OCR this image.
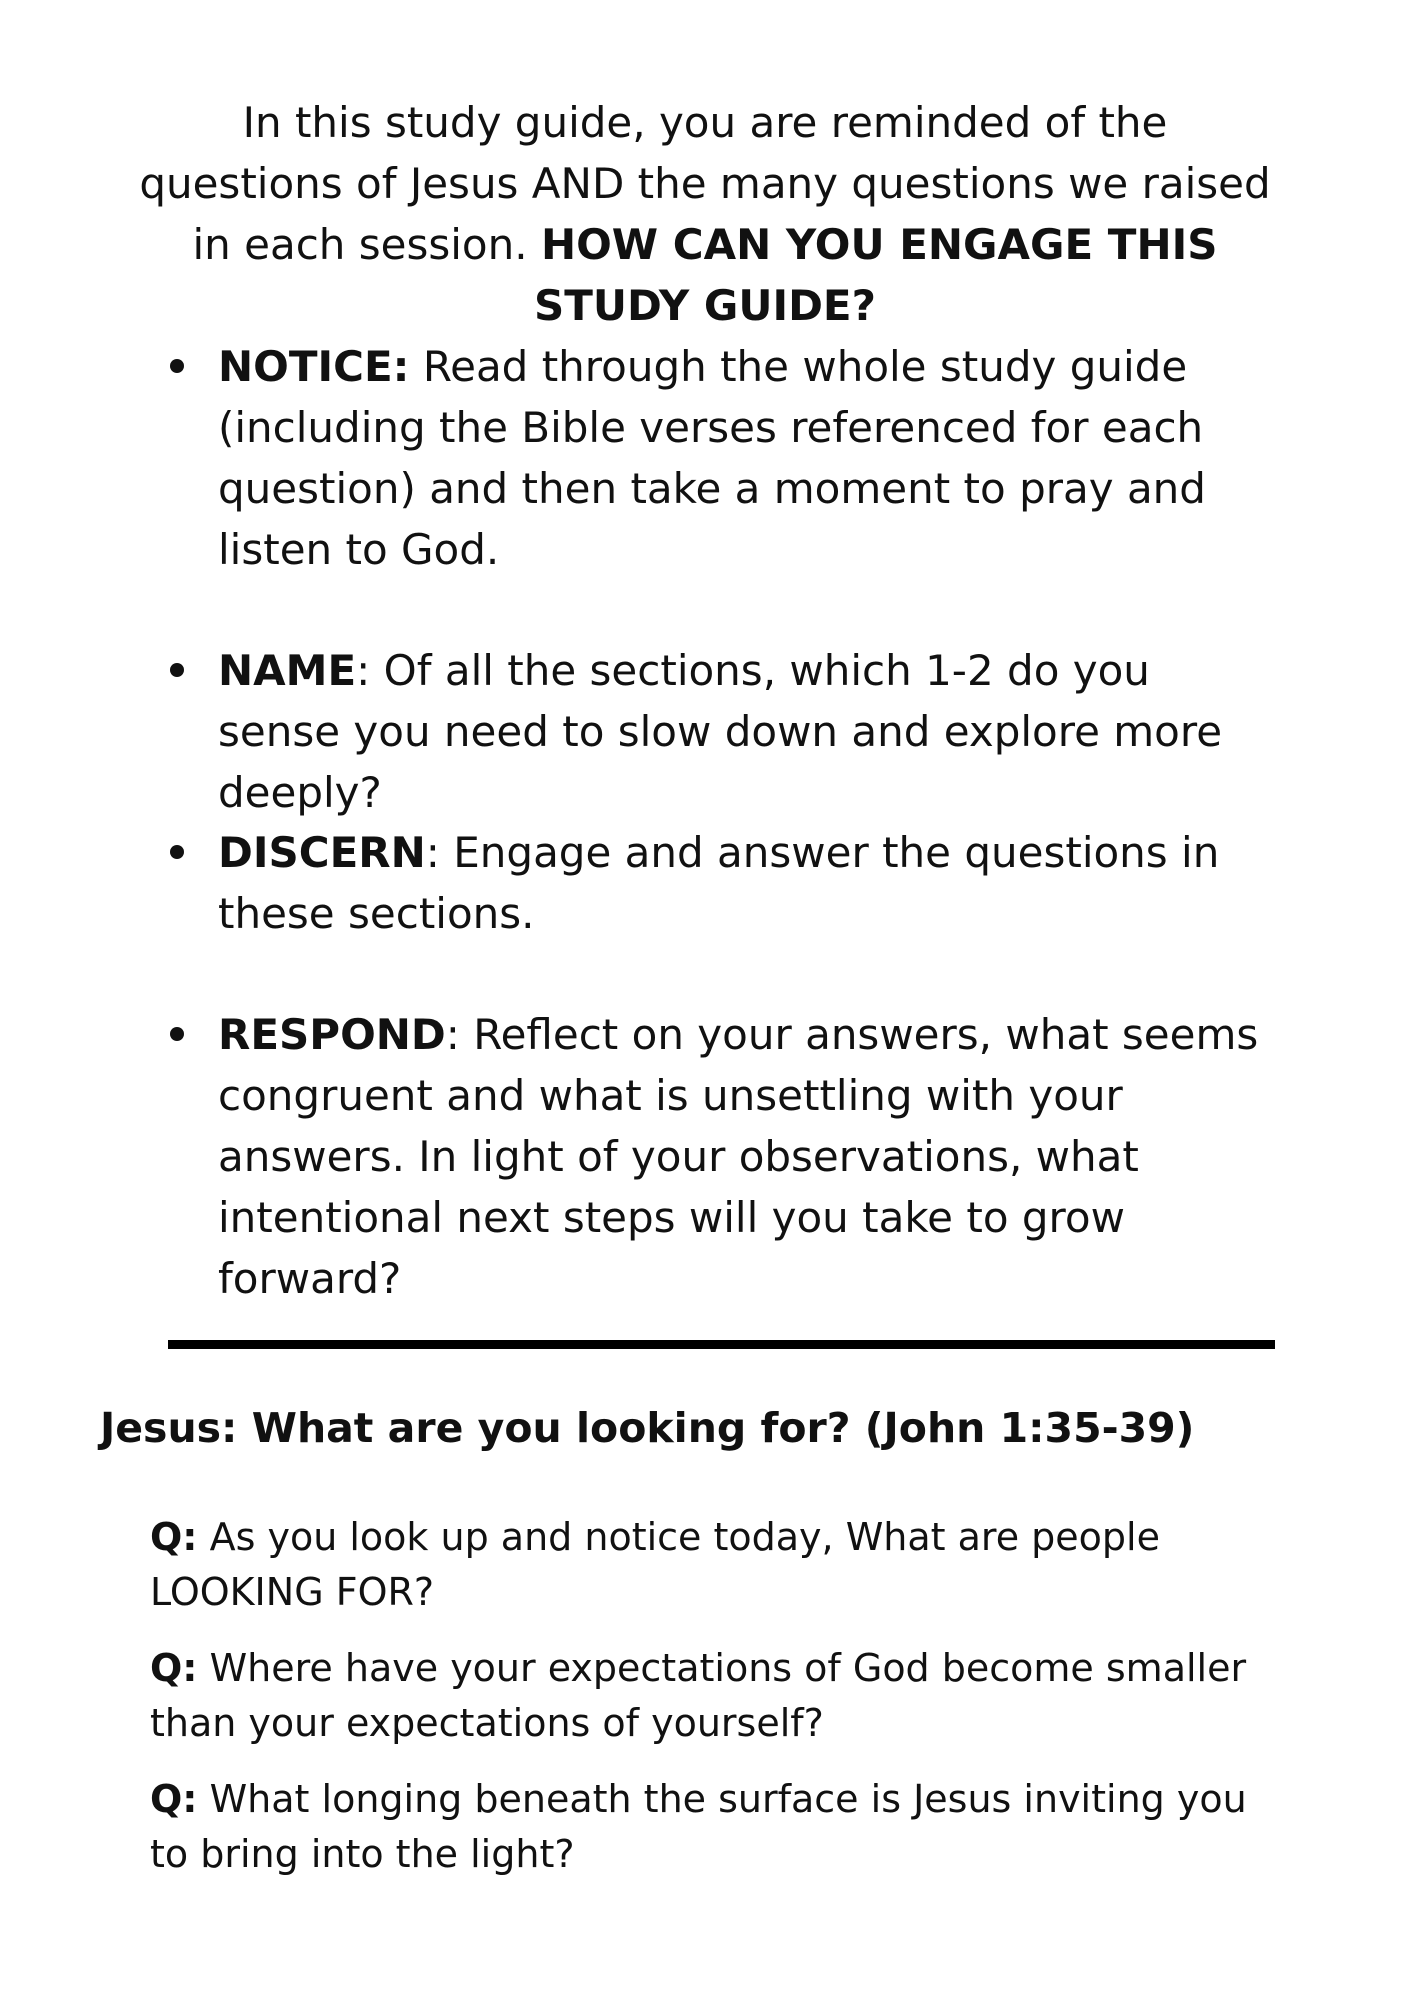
In this study guide, you are reminded of the questions of Jesus AND the many questions we raised in each session. HOW CAN YOU ENGAGE THIS STUDY GUIDE?

NOTICE: Read through the whole study guide (including the Bible verses referenced for each question) and then take a moment to pray and listen to God.
NAME: Of all the sections, which 1-2 do you sense you need to slow down and explore more deeply?
DISCERN: Engage and answer the questions in these sections.
RESPOND: Reflect on your answers, what seems congruent and what is unsettling with your answers. In light of your observations, what intentional next steps will you take to grow forward?
Jesus: What are you looking for? (John 1:35-39)

Q: As you look up and notice today, What are people LOOKING FOR?

Q: Where have your expectations of God become smaller than your expectations of yourself?

Q: What longing beneath the surface is Jesus inviting you to bring into the light?
